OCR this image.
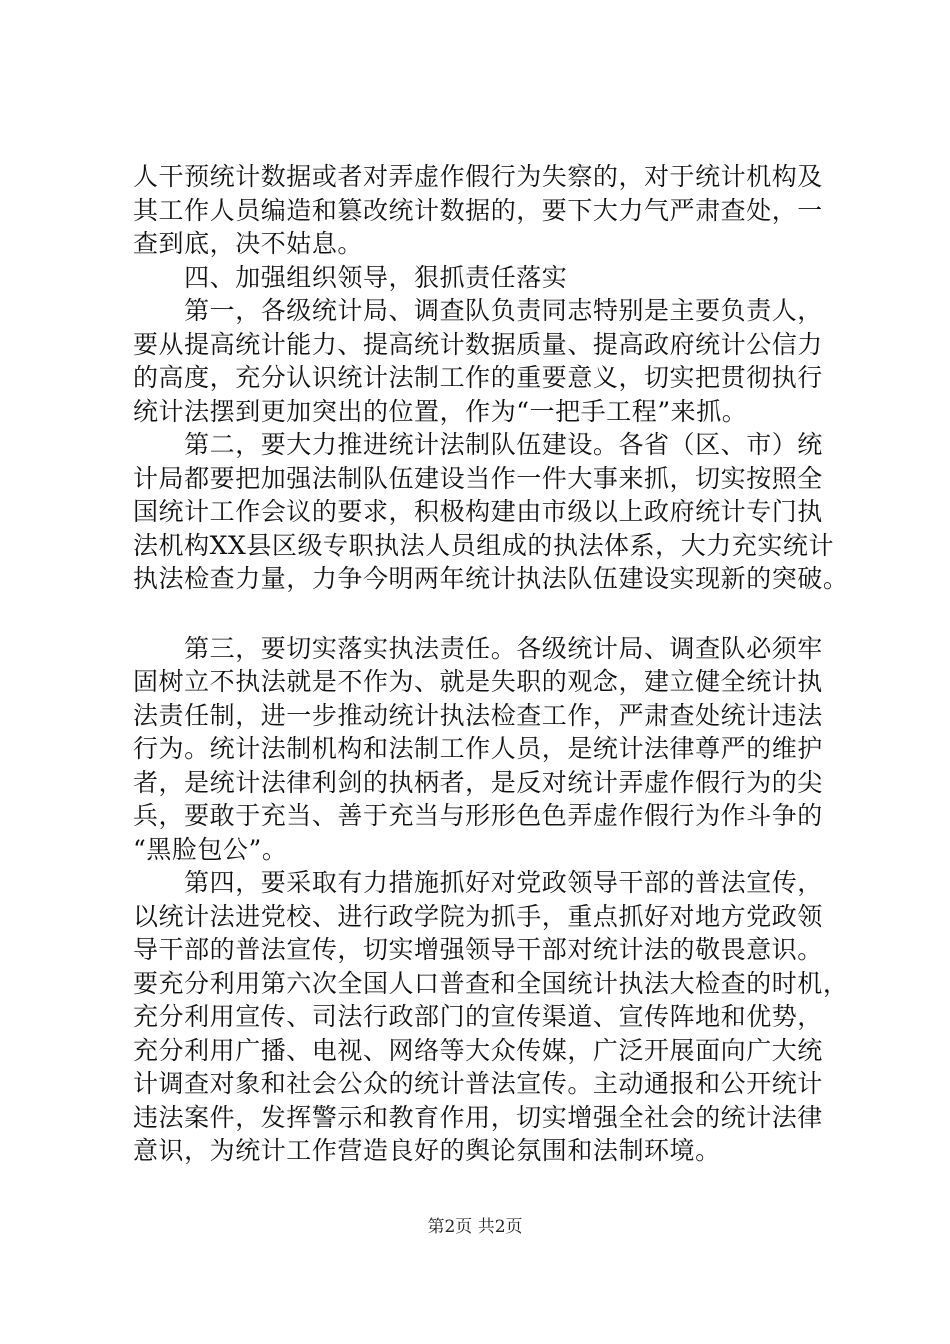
人干预统计数据或者对弄虚作假行为失察的，对于统计机构及
其工作人员编造和篡改统计数据的，要下大力气严肃查处，一
查到底，决不姑息。
　　四、加强组织领导，狠抓责任落实
　　第一，各级统计局、调查队负责同志特别是主要负责人，
要从提高统计能力、提高统计数据质量、提高政府统计公信力
的高度，充分认识统计法制工作的重要意义，切实把贯彻执行
统计法摆到更加突出的位置，作为“一把手工程”来抓。
　　第二，要大力推进统计法制队伍建设。各省（区、市）统
计局都要把加强法制队伍建设当作一件大事来抓，切实按照全
国统计工作会议的要求，积极构建由市级以上政府统计专门执
法机构XX县区级专职执法人员组成的执法体系，大力充实统计
执法检查力量，力争今明两年统计执法队伍建设实现新的突破。
　　第三，要切实落实执法责任。各级统计局、调查队必须牢
固树立不执法就是不作为、就是失职的观念，建立健全统计执
法责任制，进一步推动统计执法检查工作，严肃查处统计违法
行为。统计法制机构和法制工作人员，是统计法律尊严的维护
者，是统计法律利剑的执柄者，是反对统计弄虚作假行为的尖
兵，要敢于充当、善于充当与形形色色弄虚作假行为作斗争的
“黑脸包公”。
　　第四，要采取有力措施抓好对党政领导干部的普法宣传，
以统计法进党校、进行政学院为抓手，重点抓好对地方党政领
导干部的普法宣传，切实增强领导干部对统计法的敬畏意识。
要充分利用第六次全国人口普查和全国统计执法大检查的时机，
充分利用宣传、司法行政部门的宣传渠道、宣传阵地和优势，
充分利用广播、电视、网络等大众传媒，广泛开展面向广大统
计调查对象和社会公众的统计普法宣传。主动通报和公开统计
违法案件，发挥警示和教育作用，切实增强全社会的统计法律
意识，为统计工作营造良好的舆论氛围和法制环境。
第2页 共2页
